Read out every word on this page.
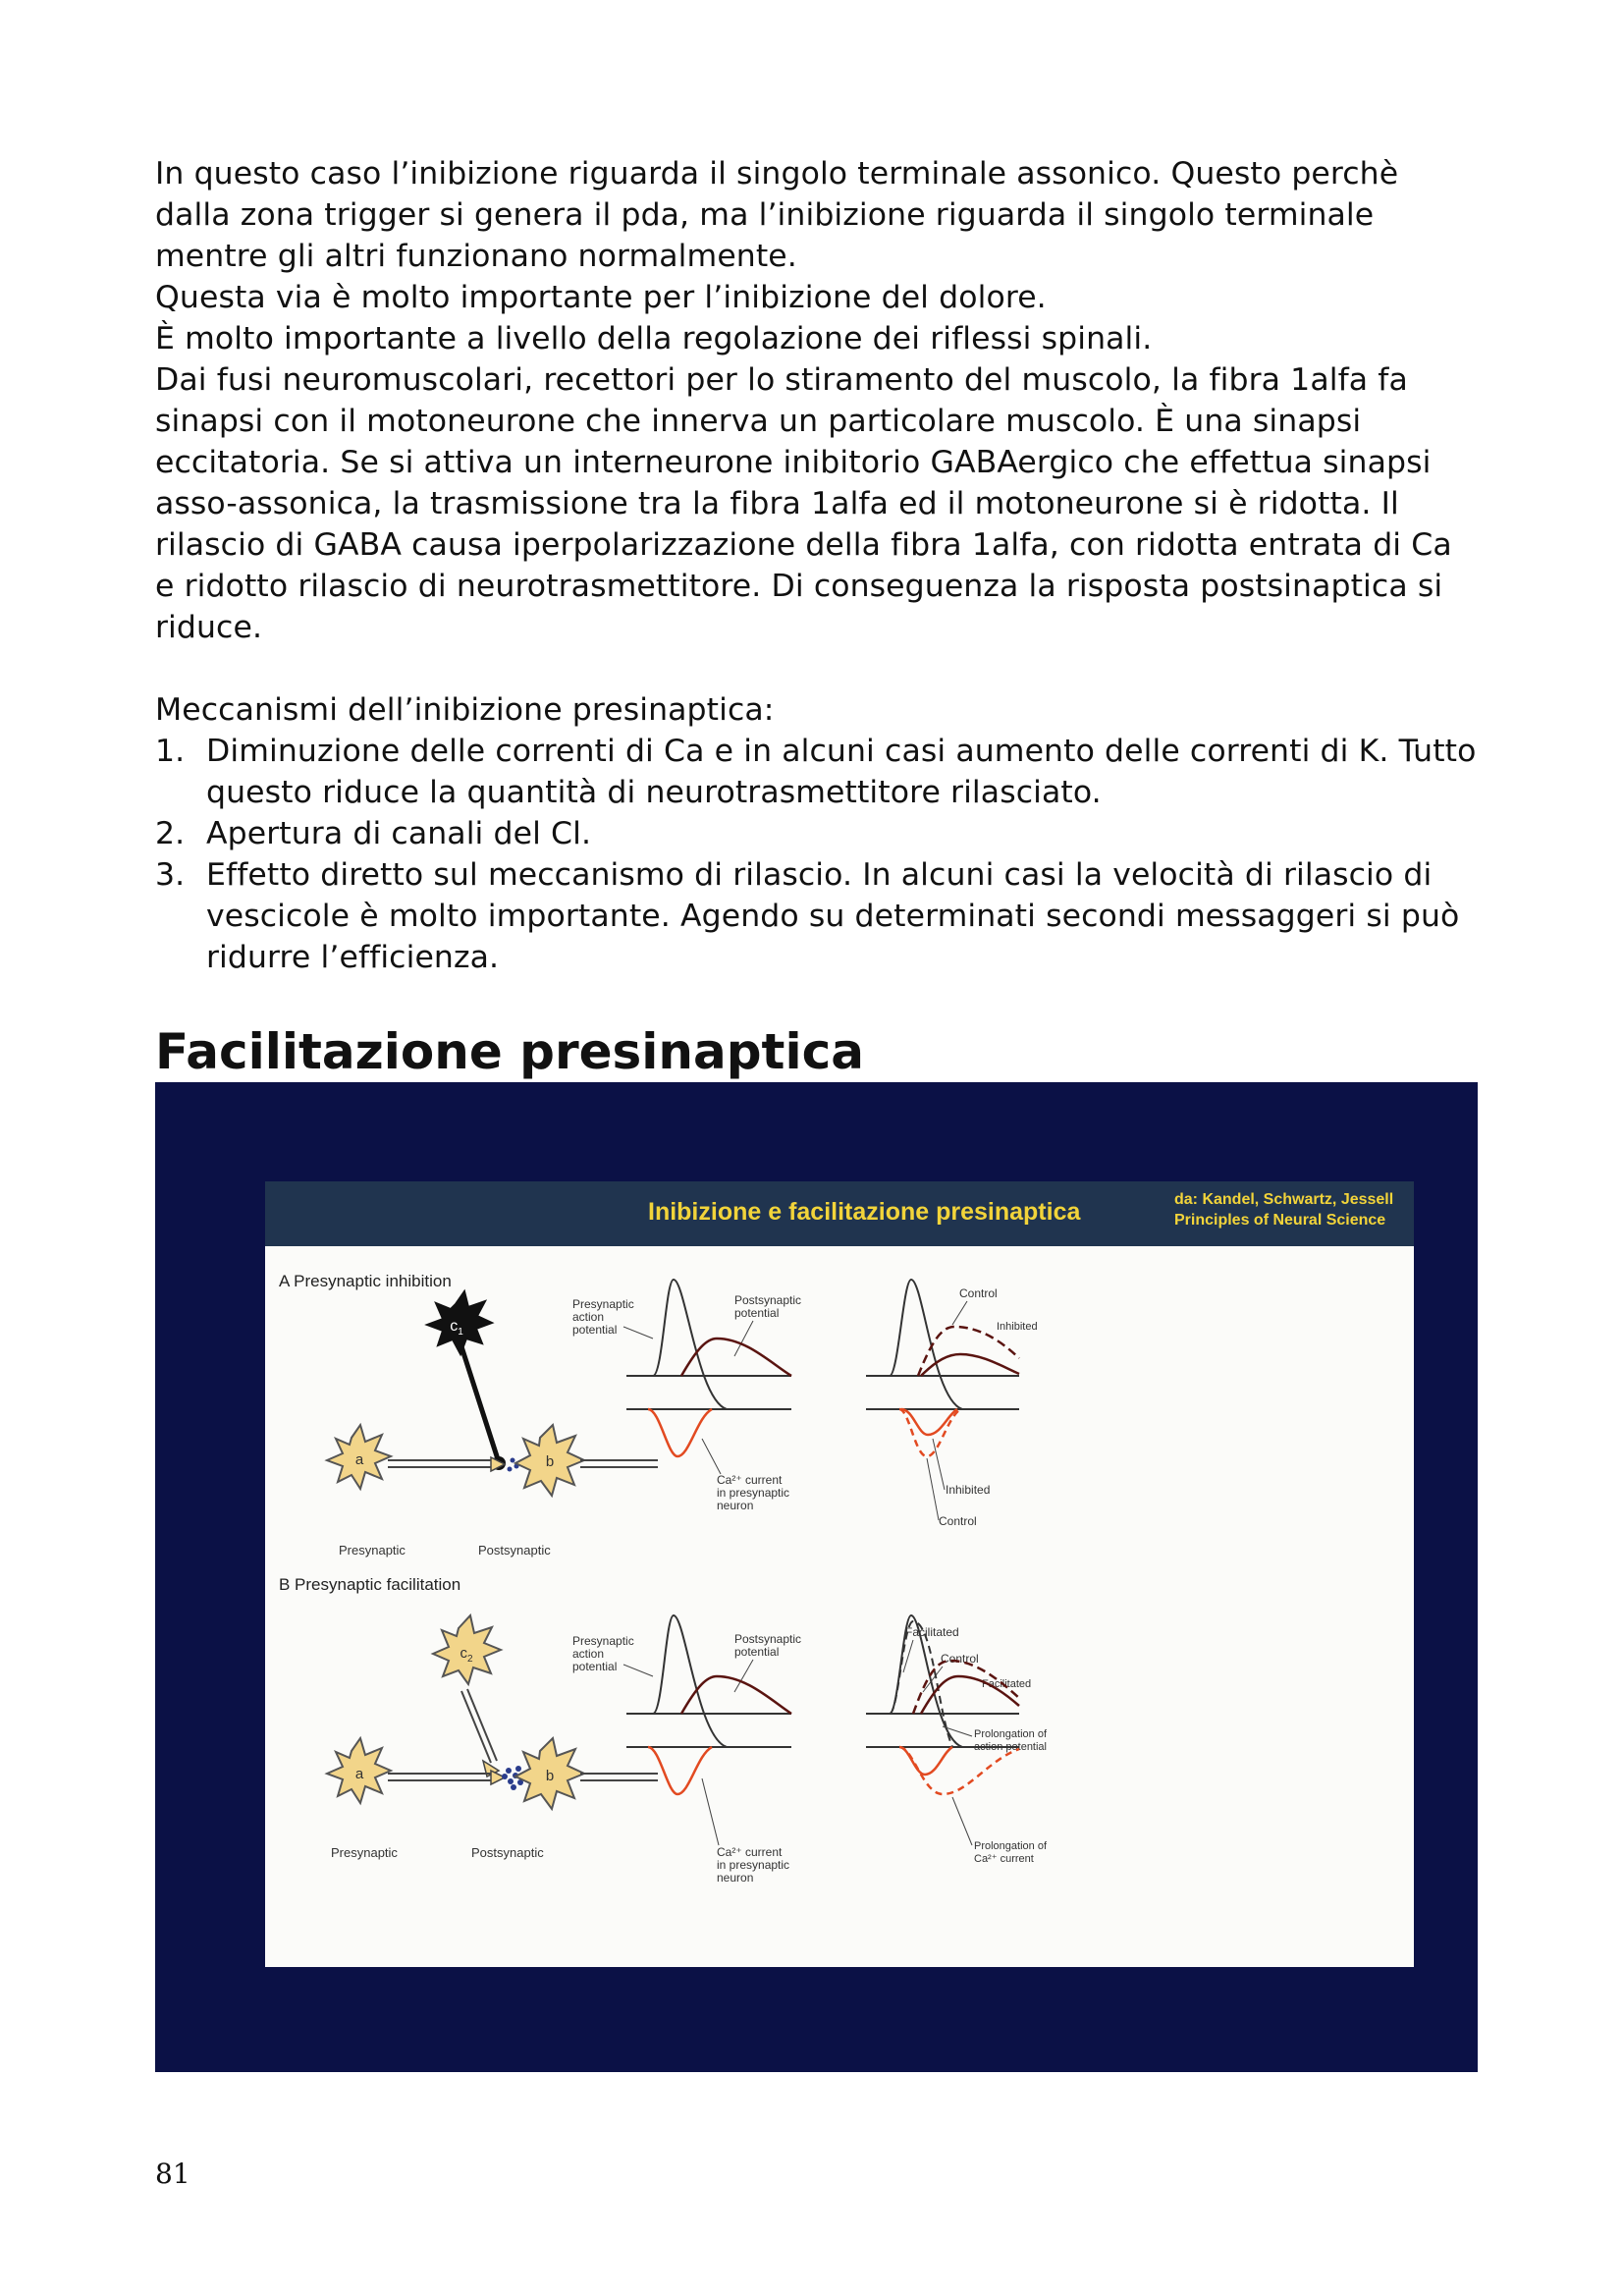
In questo caso l’inibizione riguarda il singolo terminale assonico. Questo perchè dalla zona trigger si genera il pda, ma l’inibizione riguarda il singolo terminale mentre gli altri funzionano normalmente.

Questa via è molto importante per l’inibizione del dolore.

È molto importante a livello della regolazione dei riflessi spinali.

Dai fusi neuromuscolari, recettori per lo stiramento del muscolo, la fibra 1alfa fa sinapsi con il motoneurone che innerva un particolare muscolo. È una sinapsi eccitatoria. Se si attiva un interneurone inibitorio GABAergico che effettua sinapsi asso-assonica, la trasmissione tra la fibra 1alfa ed il motoneurone si è ridotta. Il rilascio di GABA causa iperpolarizzazione della fibra 1alfa, con ridotta entrata di Ca e ridotto rilascio di neurotrasmettitore. Di conseguenza la risposta postsinaptica si riduce.

Meccanismi dell’inibizione presinaptica:

1. Diminuzione delle correnti di Ca e in alcuni casi aumento delle correnti di K. Tutto questo riduce la quantità di neurotrasmettitore rilasciato.
2. Apertura di canali del Cl.
3. Effetto diretto sul meccanismo di rilascio. In alcuni casi la velocità di rilascio di vescicole è molto importante. Agendo su determinati secondi messaggeri si può ridurre l’efficienza.
Facilitazione presinaptica
Inibizione e facilitazione presinaptica	da: Kandel, Schwartz, Jessell
Principles of Neural Science
A Presynaptic inhibition
$c_1$
a	b
Presynaptic	Postsynaptic
Presynaptic
action
potential
Postsynaptic
potential
Ca²⁺ current
in presynaptic
neuron
Control
Inhibited
Inhibited
Control
B Presynaptic facilitation
$c_2$
a	b
Presynaptic	Postsynaptic
Presynaptic
action
potential
Postsynaptic
potential
Ca²⁺ current
in presynaptic
neuron
Facilitated
Control
Facilitated
Prolongation of
action potential
Prolongation of
Ca²⁺ current
81
